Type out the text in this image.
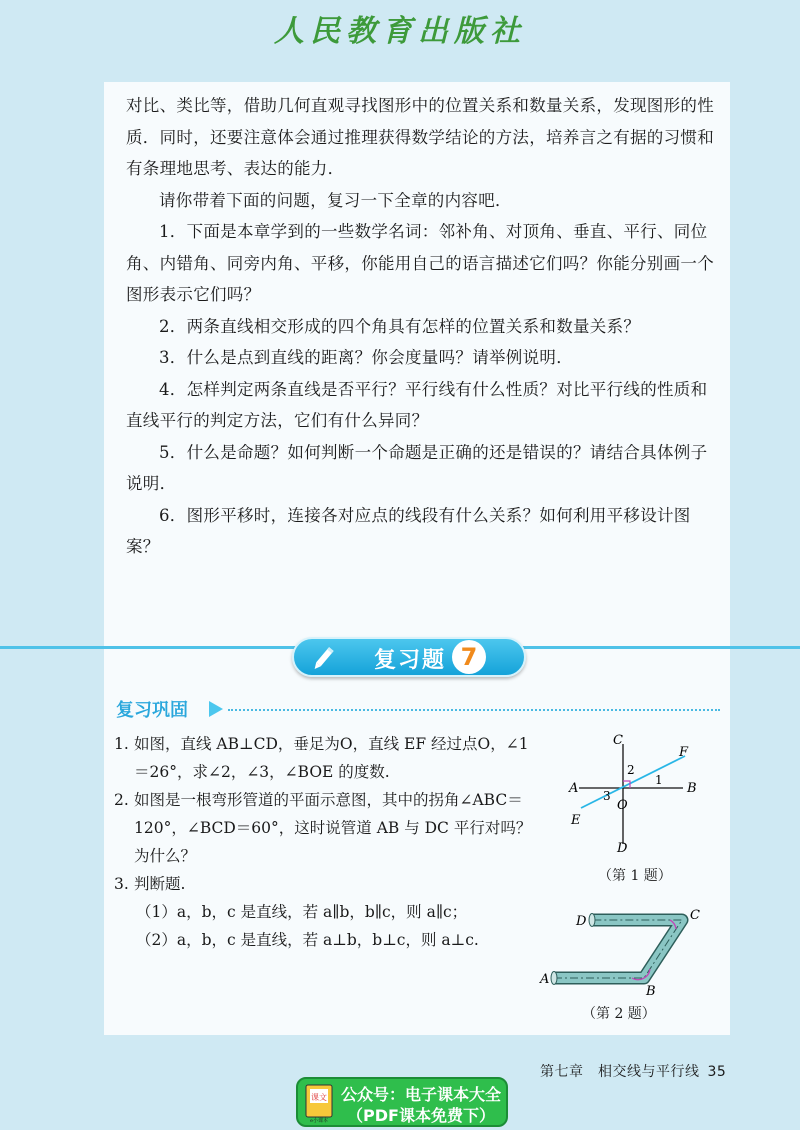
人民教育出版社

对比、类比等，借助几何直观寻找图形中的位置关系和数量关系，发现图形的性质．同时，还要注意体会通过推理获得数学结论的方法，培养言之有据的习惯和有条理地思考、表达的能力．

请你带着下面的问题，复习一下全章的内容吧．

1．下面是本章学到的一些数学名词：邻补角、对顶角、垂直、平行、同位角、内错角、同旁内角、平移，你能用自己的语言描述它们吗？你能分别画一个图形表示它们吗？

2．两条直线相交形成的四个角具有怎样的位置关系和数量关系？

3．什么是点到直线的距离？你会度量吗？请举例说明．

4．怎样判定两条直线是否平行？平行线有什么性质？对比平行线的性质和直线平行的判定方法，它们有什么异同？

5．什么是命题？如何判断一个命题是正确的还是错误的？请结合具体例子说明．

6．图形平移时，连接各对应点的线段有什么关系？如何利用平移设计图案？

复习题 7
复习巩固
1. 如图，直线 AB⊥CD，垂足为O，直线 EF 经过点O，∠1＝26°，求∠2，∠3，∠BOE 的度数.
2. 如图是一根弯形管道的平面示意图，其中的拐角∠ABC＝120°，∠BCD＝60°，这时说管道 AB 与 DC 平行对吗？为什么？
3. 判断题.
（1）a，b，c 是直线，若 a∥b，b∥c，则 a∥c；
（2）a，b，c 是直线，若 a⊥b，b⊥c，则 a⊥c.
C
F
A	B
E
O
D
1
2
3
（第 1 题）
D	C
A
B
（第 2 题）
第七章　相交线与平行线 35
课文
e小课本
公众号：电子课本大全
（PDF课本免费下）
